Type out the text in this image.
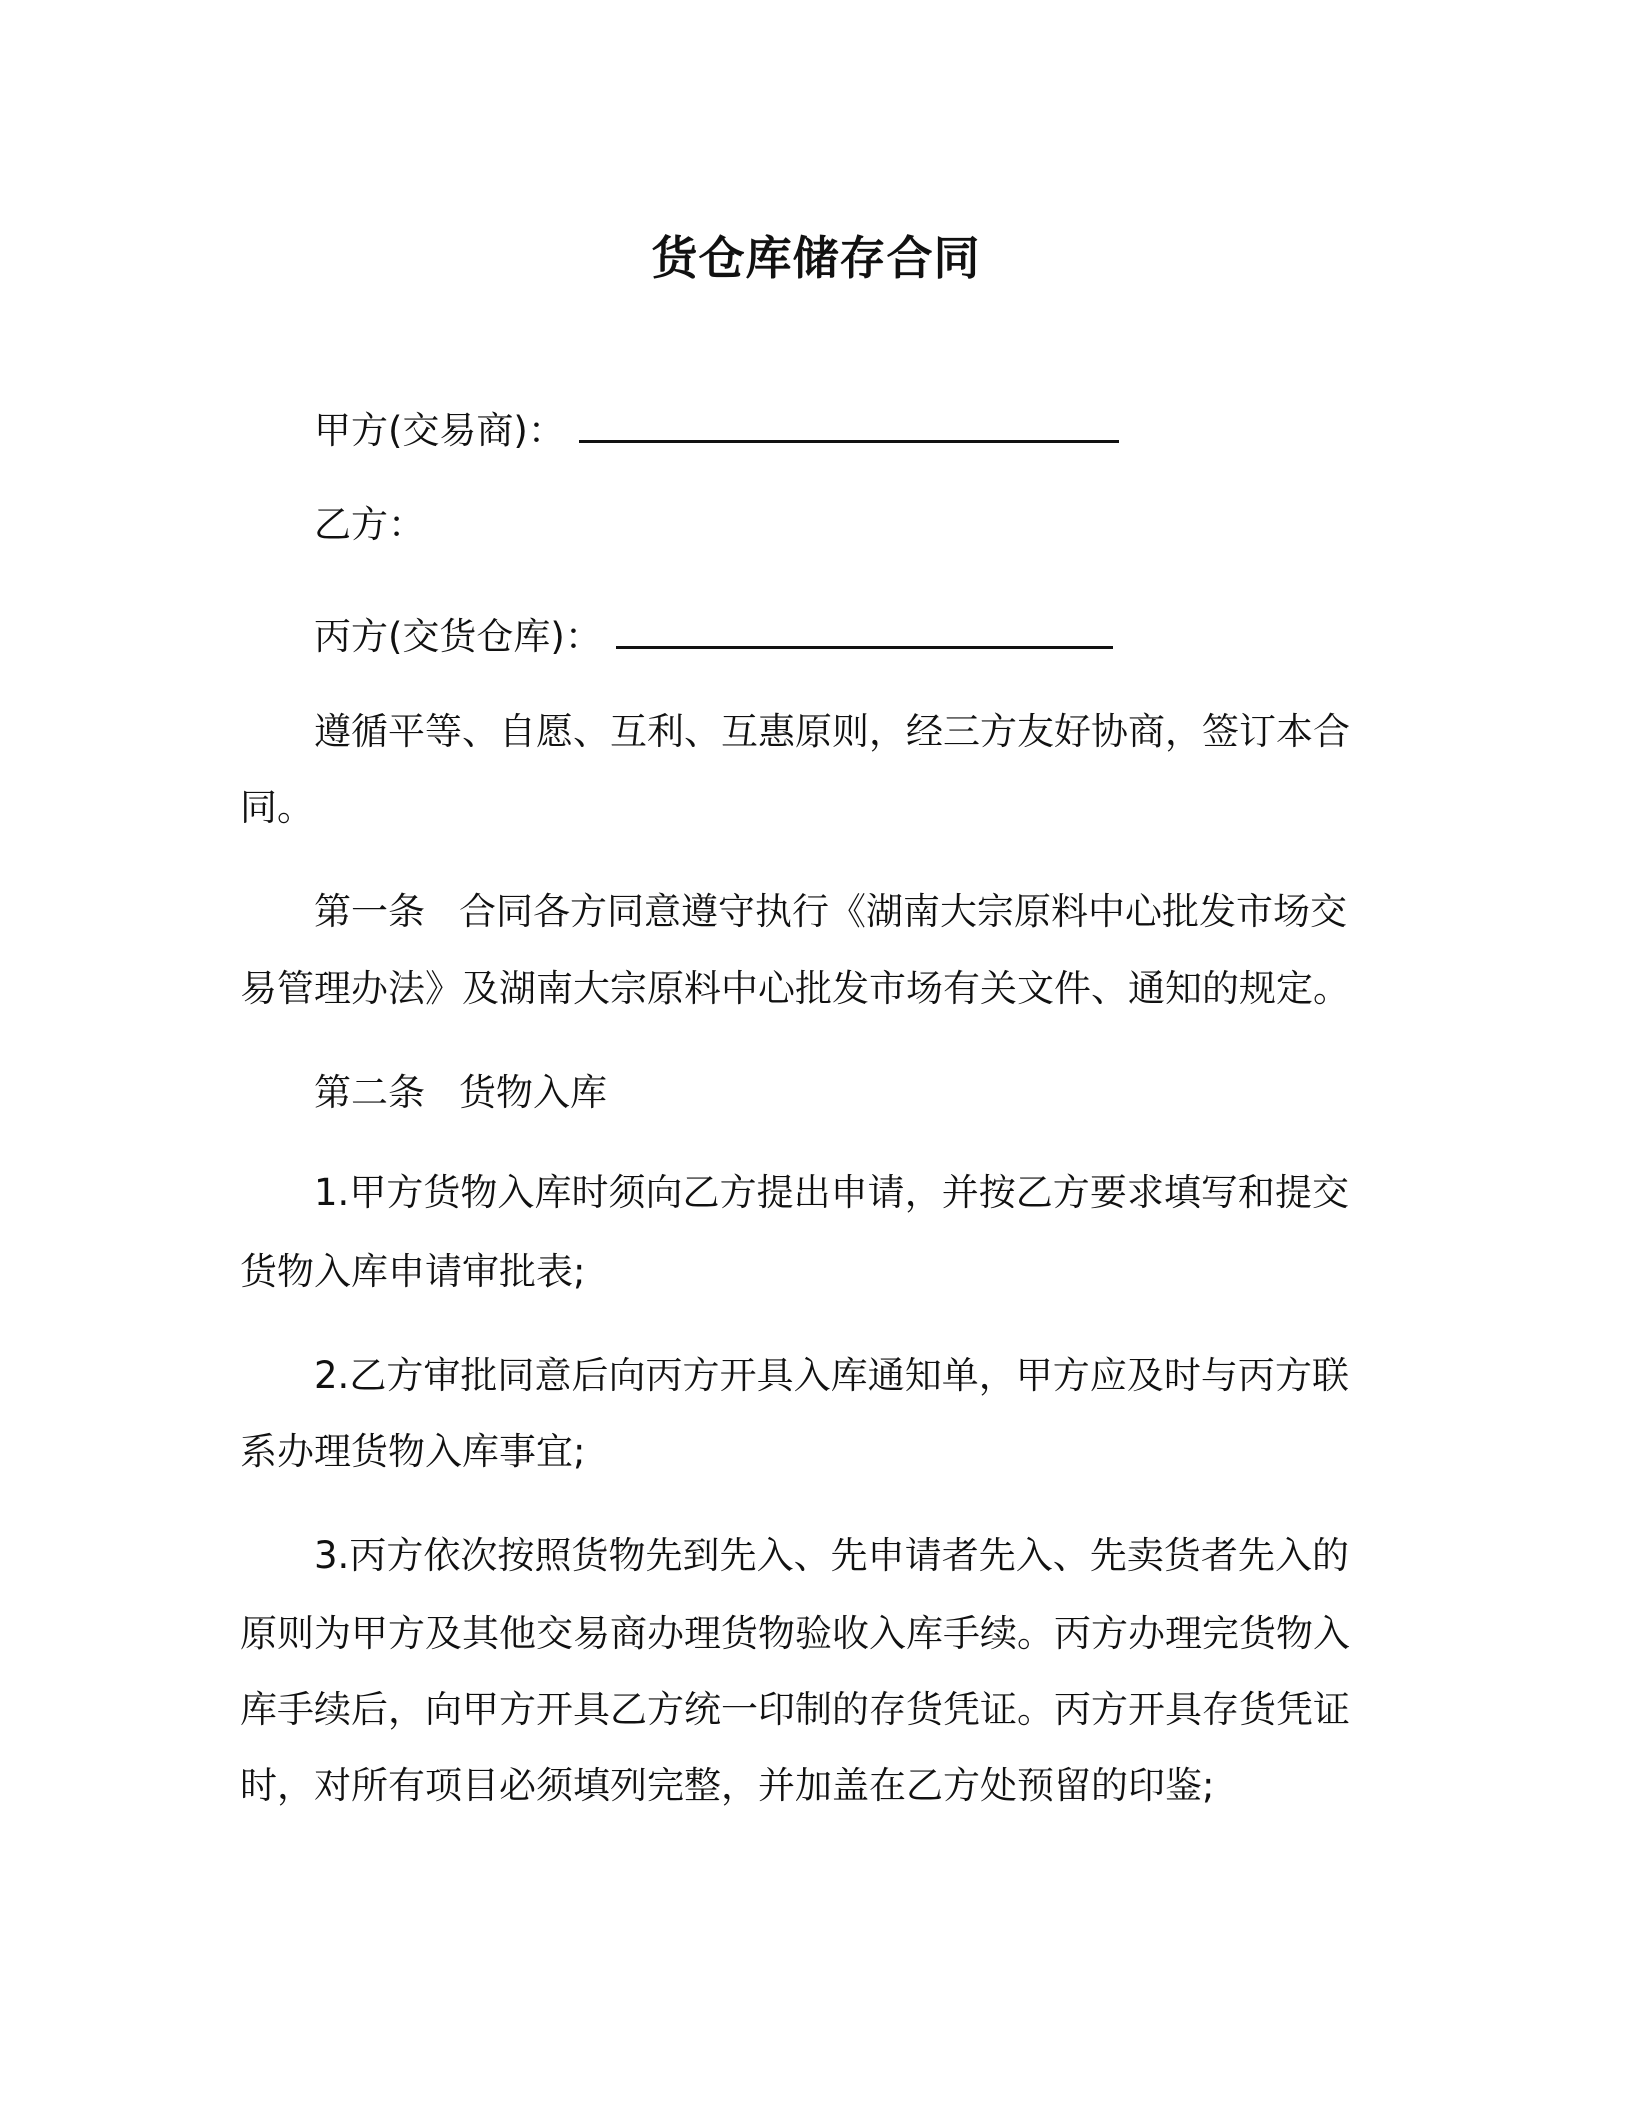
货仓库储存合同
甲方(交易商)：
乙方：
丙方(交货仓库)：
遵循平等、自愿、互利、互惠原则，经三方友好协商，签订本合
同。
第一条 合同各方同意遵守执行《湖南大宗原料中心批发市场交
易管理办法》及湖南大宗原料中心批发市场有关文件、通知的规定。
第二条 货物入库
1.甲方货物入库时须向乙方提出申请，并按乙方要求填写和提交
货物入库申请审批表;
2.乙方审批同意后向丙方开具入库通知单，甲方应及时与丙方联
系办理货物入库事宜;
3.丙方依次按照货物先到先入、先申请者先入、先卖货者先入的
原则为甲方及其他交易商办理货物验收入库手续。丙方办理完货物入
库手续后，向甲方开具乙方统一印制的存货凭证。丙方开具存货凭证
时，对所有项目必须填列完整，并加盖在乙方处预留的印鉴;
